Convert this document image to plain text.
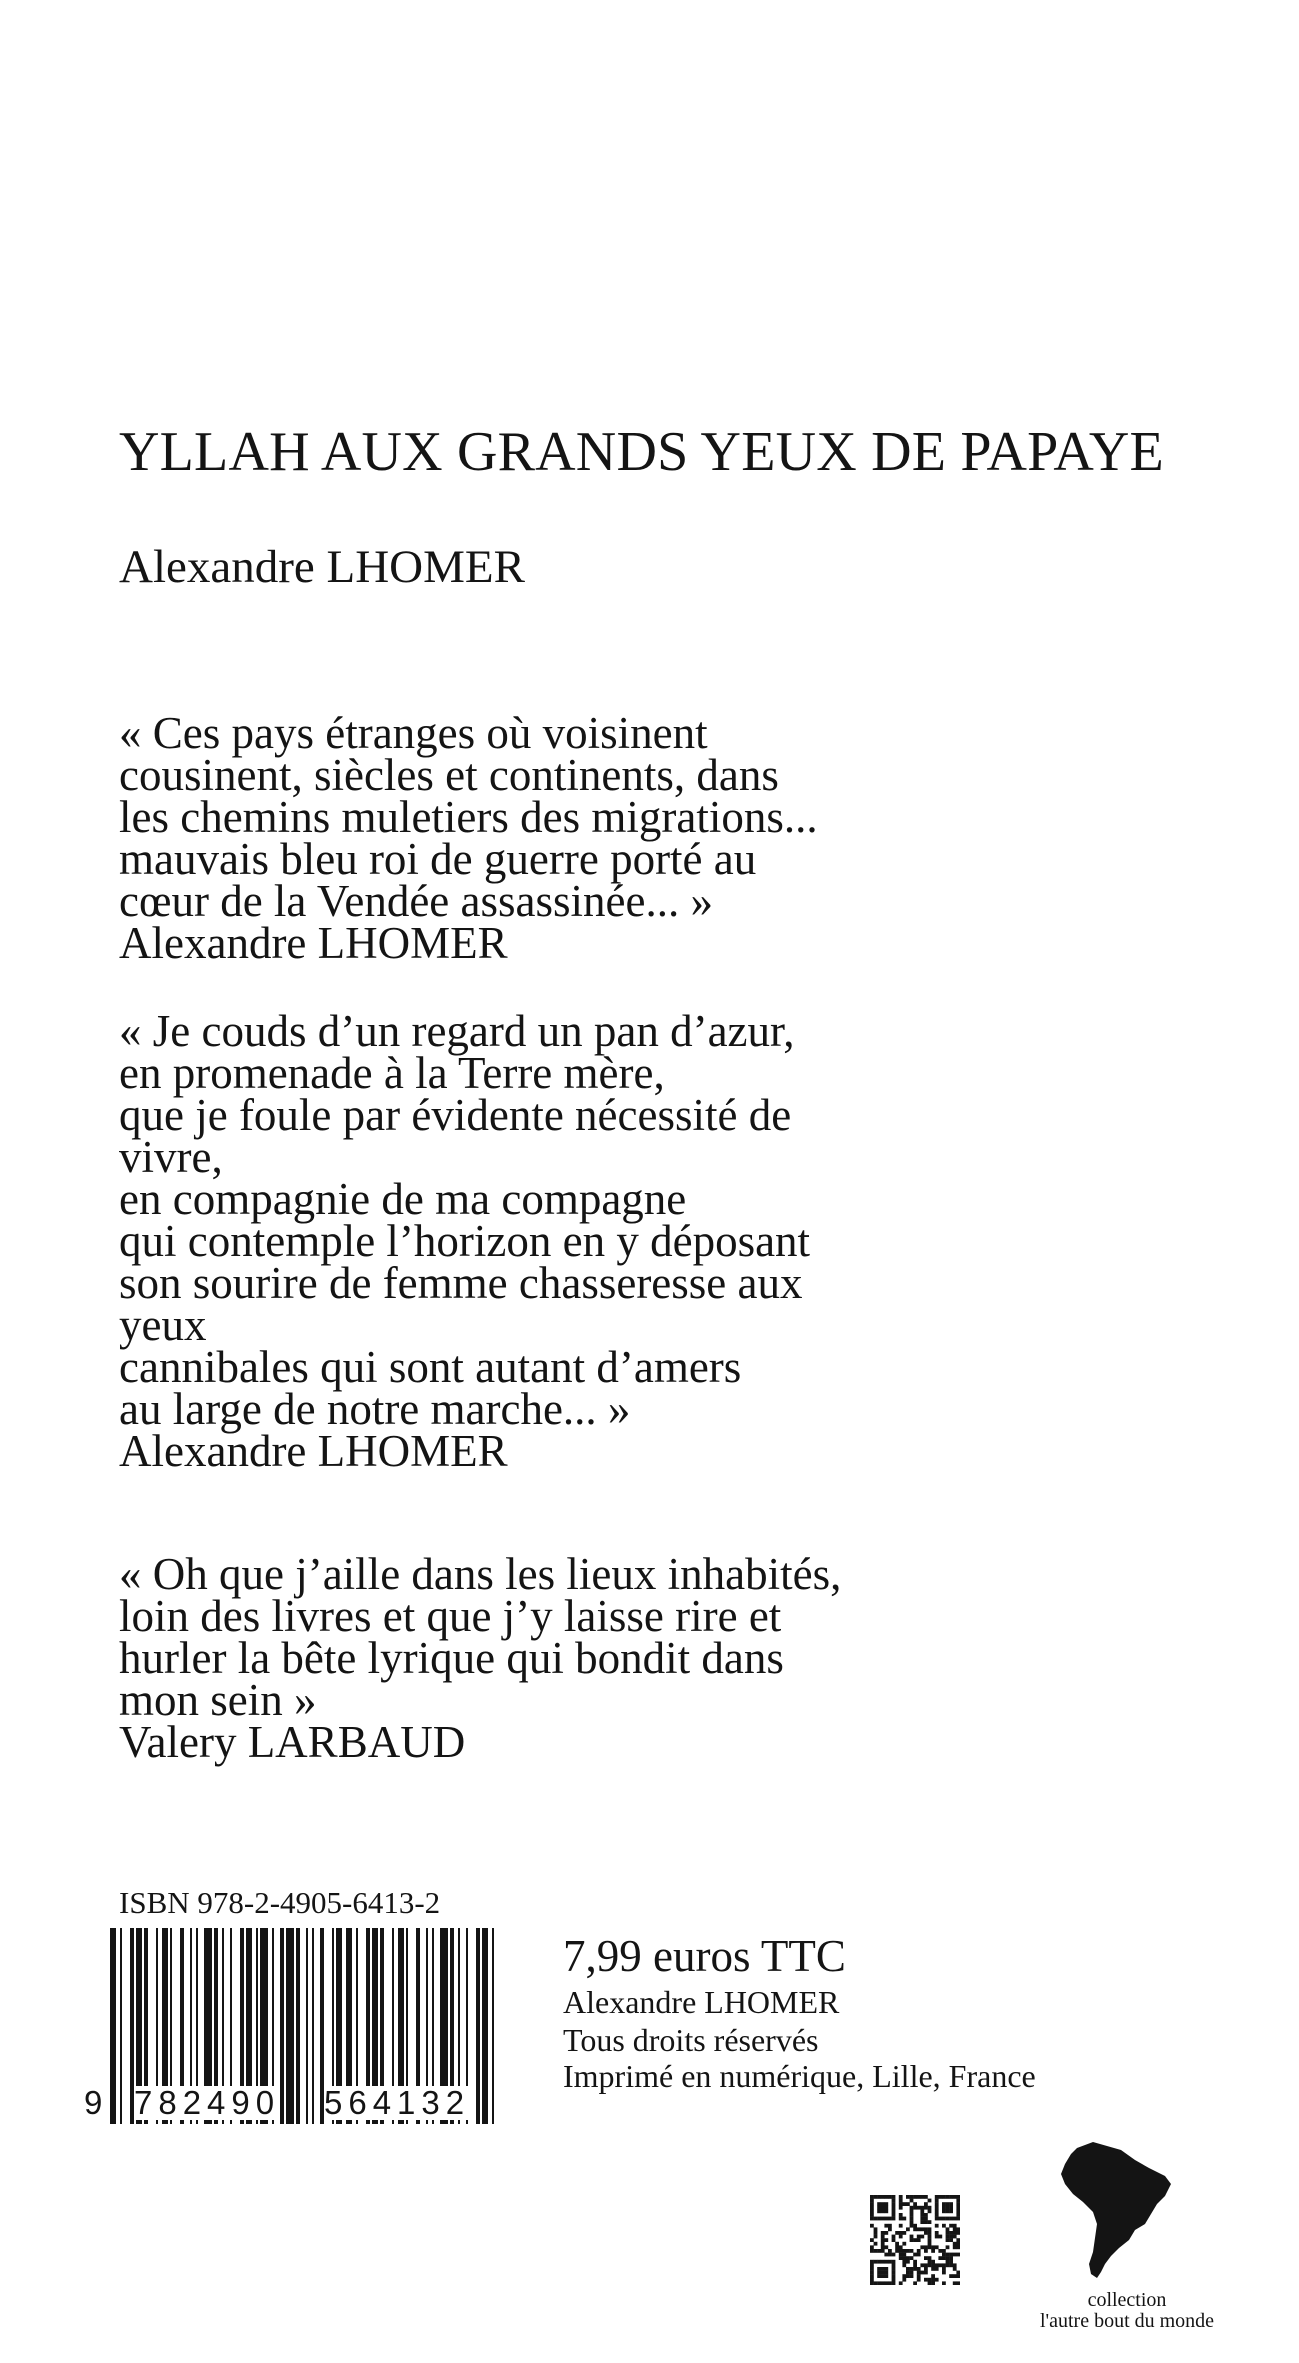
YLLAH AUX GRANDS YEUX DE PAPAYE
Alexandre LHOMER
« Ces pays étranges où voisinent
cousinent, siècles et continents, dans
les chemins muletiers des migrations...
mauvais bleu roi de guerre porté au
cœur de la Vendée assassinée... »
Alexandre LHOMER
« Je couds d’un regard un pan d’azur,
en promenade à la Terre mère,
que je foule par évidente nécessité de
vivre,
en compagnie de ma compagne
qui contemple l’horizon en y déposant
son sourire de femme chasseresse aux
yeux
cannibales qui sont autant d’amers
au large de notre marche... »
Alexandre LHOMER
« Oh que j’aille dans les lieux inhabités,
loin des livres et que j’y laisse rire et
hurler la bête lyrique qui bondit dans
mon sein »
Valery LARBAUD
ISBN 978-2-4905-6413-2
9 782490 564132
7,99 euros TTC
Alexandre LHOMER
Tous droits réservés
Imprimé en numérique, Lille, France
collection
l'autre bout du monde
